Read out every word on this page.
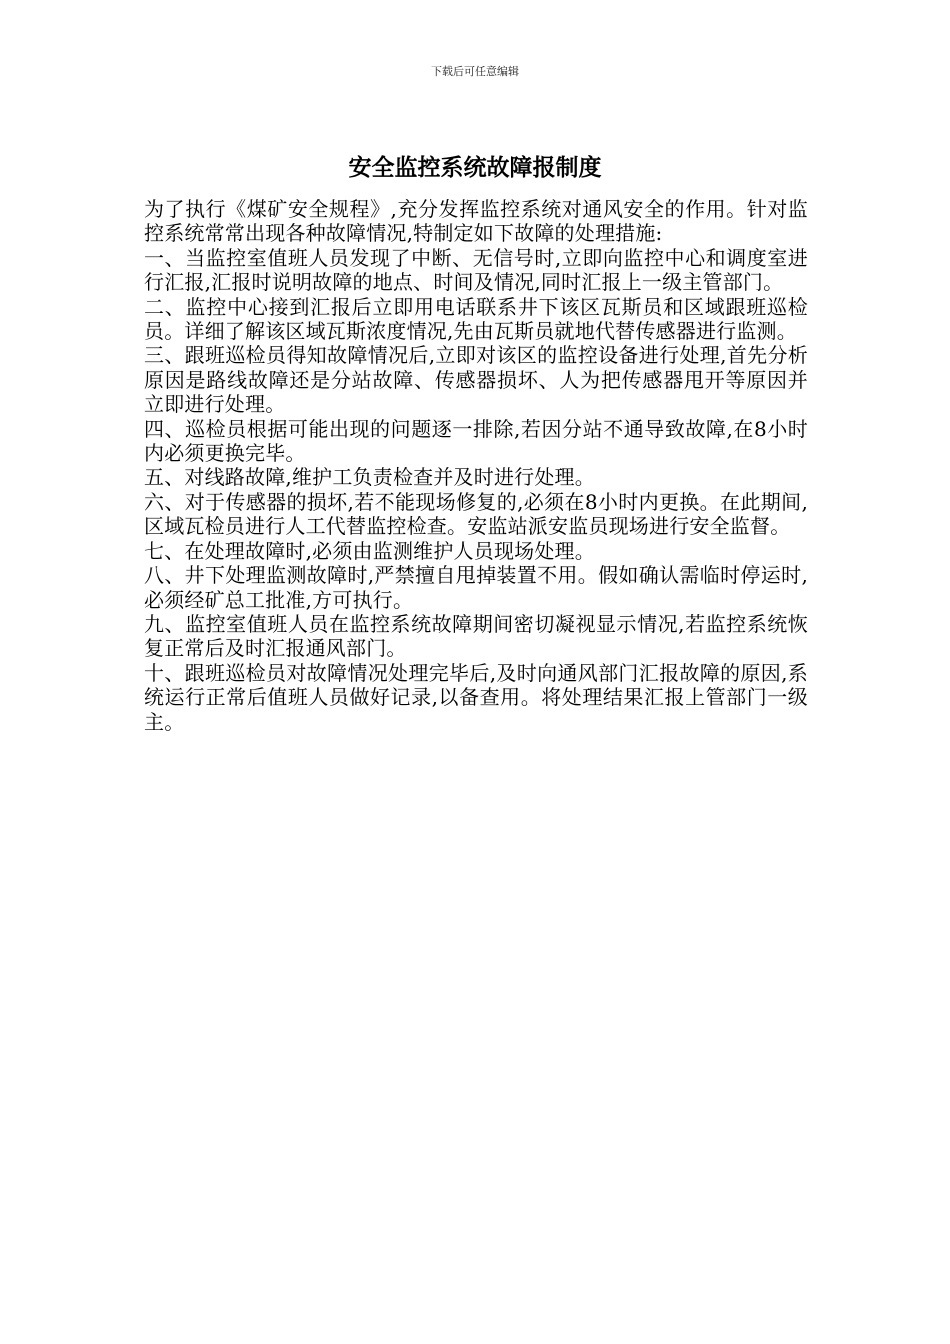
下载后可任意编辑
安全监控系统故障报制度

为了执行《煤矿安全规程》,充分发挥监控系统对通风安全的作用。针对监控系统常常出现各种故障情况,特制定如下故障的处理措施:

一、当监控室值班人员发现了中断、无信号时,立即向监控中心和调度室进行汇报,汇报时说明故障的地点、时间及情况,同时汇报上一级主管部门。

二、监控中心接到汇报后立即用电话联系井下该区瓦斯员和区域跟班巡检员。详细了解该区域瓦斯浓度情况,先由瓦斯员就地代替传感器进行监测。

三、跟班巡检员得知故障情况后,立即对该区的监控设备进行处理,首先分析原因是路线故障还是分站故障、传感器损坏、人为把传感器甩开等原因并立即进行处理。

四、巡检员根据可能出现的问题逐一排除,若因分站不通导致故障,在8小时内必须更换完毕。

五、对线路故障,维护工负责检查并及时进行处理。

六、对于传感器的损坏,若不能现场修复的,必须在8小时内更换。在此期间,区域瓦检员进行人工代替监控检查。安监站派安监员现场进行安全监督。

七、在处理故障时,必须由监测维护人员现场处理。

八、井下处理监测故障时,严禁擅自甩掉装置不用。假如确认需临时停运时,必须经矿总工批准,方可执行。

九、监控室值班人员在监控系统故障期间密切凝视显示情况,若监控系统恢复正常后及时汇报通风部门。

十、跟班巡检员对故障情况处理完毕后,及时向通风部门汇报故障的原因,系统运行正常后值班人员做好记录,以备查用。将处理结果汇报上管部门一级主。
